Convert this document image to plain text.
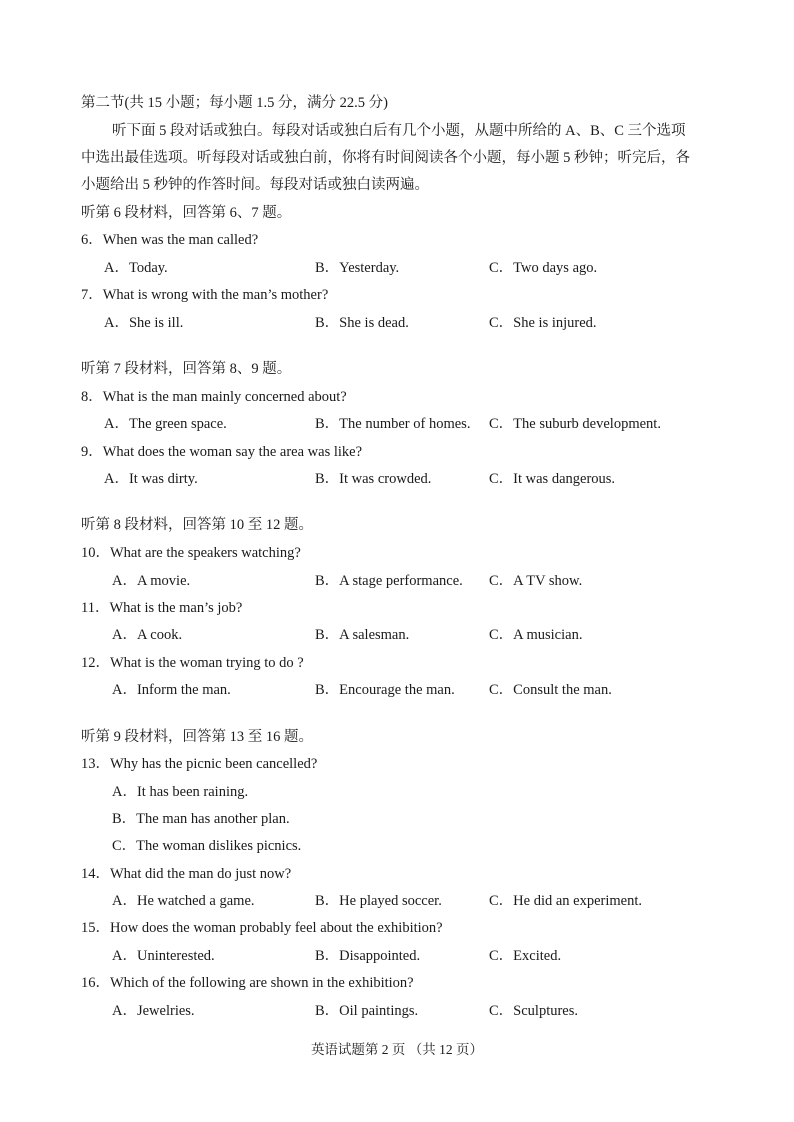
第二节(共 15 小题；每小题 1.5 分，满分 22.5 分)
听下面 5 段对话或独白。每段对话或独白后有几个小题，从题中所给的 A、B、C 三个选项
中选出最佳选项。听每段对话或独白前，你将有时间阅读各个小题，每小题 5 秒钟；听完后，各
小题给出 5 秒钟的作答时间。每段对话或独白读两遍。
听第 6 段材料，回答第 6、7 题。
6．When was the man called?
A．Today.	B．Yesterday.	C．Two days ago.
7．What is wrong with the man’s mother?
A．She is ill.	B．She is dead.	C．She is injured.
听第 7 段材料，回答第 8、9 题。
8．What is the man mainly concerned about?
A．The green space.	B．The number of homes. C．The suburb development.
9．What does the woman say the area was like?
A．It was dirty.	B．It was crowded.	C．It was dangerous.
听第 8 段材料，回答第 10 至 12 题。
10．What are the speakers watching?
A．A movie.	B．A stage performance. C．A TV show.
11．What is the man’s job?
A．A cook.	B．A salesman.	C．A musician.
12．What is the woman trying to do ?
A．Inform the man.	B．Encourage the man. C．Consult the man.
听第 9 段材料，回答第 13 至 16 题。
13．Why has the picnic been cancelled?
A．It has been raining.
B．The man has another plan.
C．The woman dislikes picnics.
14．What did the man do just now?
A．He watched a game.	B．He played soccer.	C．He did an experiment.
15．How does the woman probably feel about the exhibition?
A．Uninterested.	B．Disappointed.	C．Excited.
16．Which of the following are shown in the exhibition?
A．Jewelries.	B．Oil paintings.	C．Sculptures.
英语试题第 2 页 （共 12 页）
